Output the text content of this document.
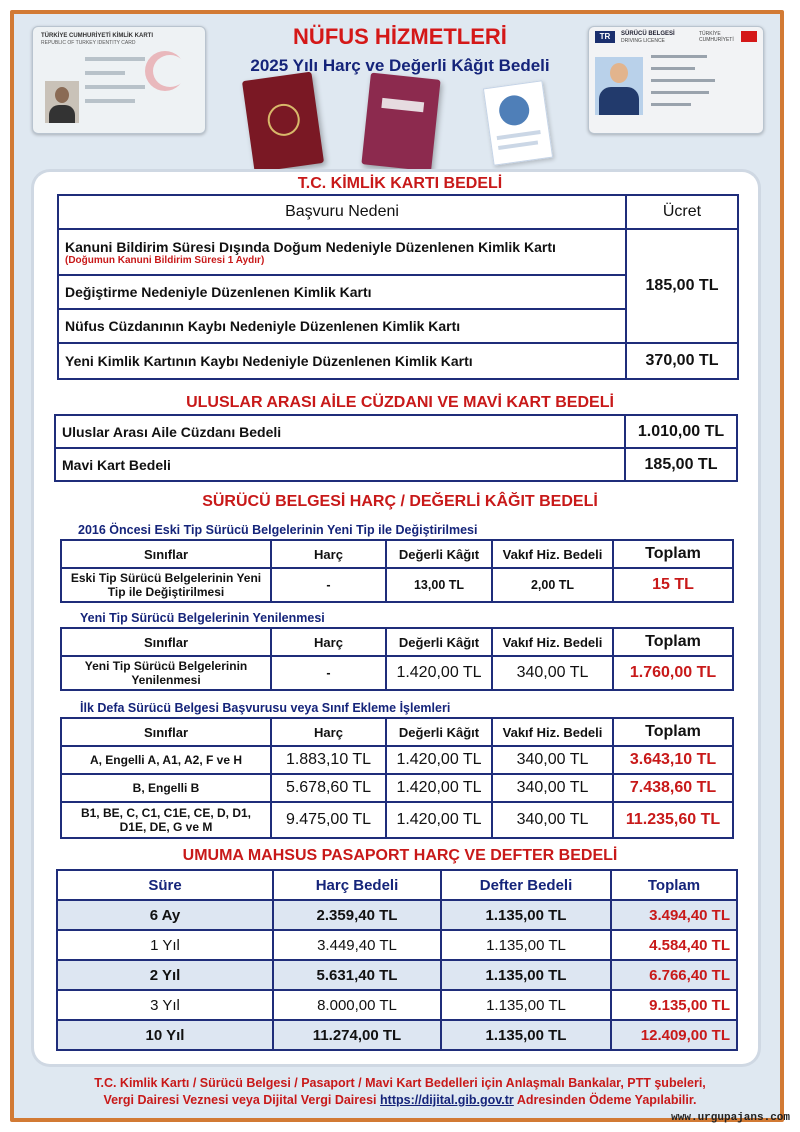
TÜRKİYE CUMHURİYETİ KİMLİK KARTI
REPUBLIC OF TURKEY IDENTITY CARD
TR	SÜRÜCÜ BELGESİ
DRIVING LICENCE
TÜRKİYE CUMHURİYETİ
NÜFUS HİZMETLERİ
2025 Yılı Harç ve Değerli Kâğıt Bedeli
T.C. KİMLİK KARTI BEDELİ
Başvuru Nedeni	Ücret

Kanuni Bildirim Süresi Dışında Doğum Nedeniyle Düzenlenen Kimlik Kartı
(Doğumun Kanuni Bildirim Süresi 1 Aydır)	185,00 TL
Değiştirme Nedeniyle Düzenlenen Kimlik Kartı	
Nüfus Cüzdanının Kaybı Nedeniyle Düzenlenen Kimlik Kartı	
Yeni Kimlik Kartının Kaybı Nedeniyle Düzenlenen Kimlik Kartı	370,00 TL
ULUSLAR ARASI AİLE CÜZDANI VE MAVİ KART BEDELİ
Uluslar Arası Aile Cüzdanı Bedeli	1.010,00 TL
Mavi Kart Bedeli	185,00 TL
SÜRÜCÜ BELGESİ HARÇ / DEĞERLİ KÂĞIT BEDELİ
2016 Öncesi Eski Tip Sürücü Belgelerinin Yeni Tip ile Değiştirilmesi
Sınıflar	Harç	Değerli Kâğıt	Vakıf Hiz. Bedeli	Toplam
Eski Tip Sürücü Belgelerinin Yeni Tip ile Değiştirilmesi	-	13,00 TL	2,00 TL	15 TL
Yeni Tip Sürücü Belgelerinin Yenilenmesi
Sınıflar	Harç	Değerli Kâğıt	Vakıf Hiz. Bedeli	Toplam
Yeni Tip Sürücü Belgelerinin Yenilenmesi	-	1.420,00 TL	340,00 TL	1.760,00 TL
İlk Defa Sürücü Belgesi Başvurusu veya Sınıf Ekleme İşlemleri
Sınıflar	Harç	Değerli Kâğıt	Vakıf Hiz. Bedeli	Toplam
A, Engelli A, A1, A2, F ve H	1.883,10 TL	1.420,00 TL	340,00 TL	3.643,10 TL
B, Engelli B	5.678,60 TL	1.420,00 TL	340,00 TL	7.438,60 TL
B1, BE, C, C1, C1E, CE, D, D1, D1E, DE, G ve M	9.475,00 TL	1.420,00 TL	340,00 TL	11.235,60 TL
UMUMA MAHSUS PASAPORT HARÇ VE DEFTER BEDELİ
Süre	Harç Bedeli	Defter Bedeli	Toplam
6 Ay	2.359,40 TL	1.135,00 TL	3.494,40 TL
1 Yıl	3.449,40 TL	1.135,00 TL	4.584,40 TL
2 Yıl	5.631,40 TL	1.135,00 TL	6.766,40 TL
3 Yıl	8.000,00 TL	1.135,00 TL	9.135,00 TL
10 Yıl	11.274,00 TL	1.135,00 TL	12.409,00 TL
T.C. Kimlik Kartı / Sürücü Belgesi / Pasaport / Mavi Kart Bedelleri için Anlaşmalı Bankalar, PTT şubeleri,
Vergi Dairesi Veznesi veya Dijital Vergi Dairesi https://dijital.gib.gov.tr Adresinden Ödeme Yapılabilir.
www.urgupajans.com
